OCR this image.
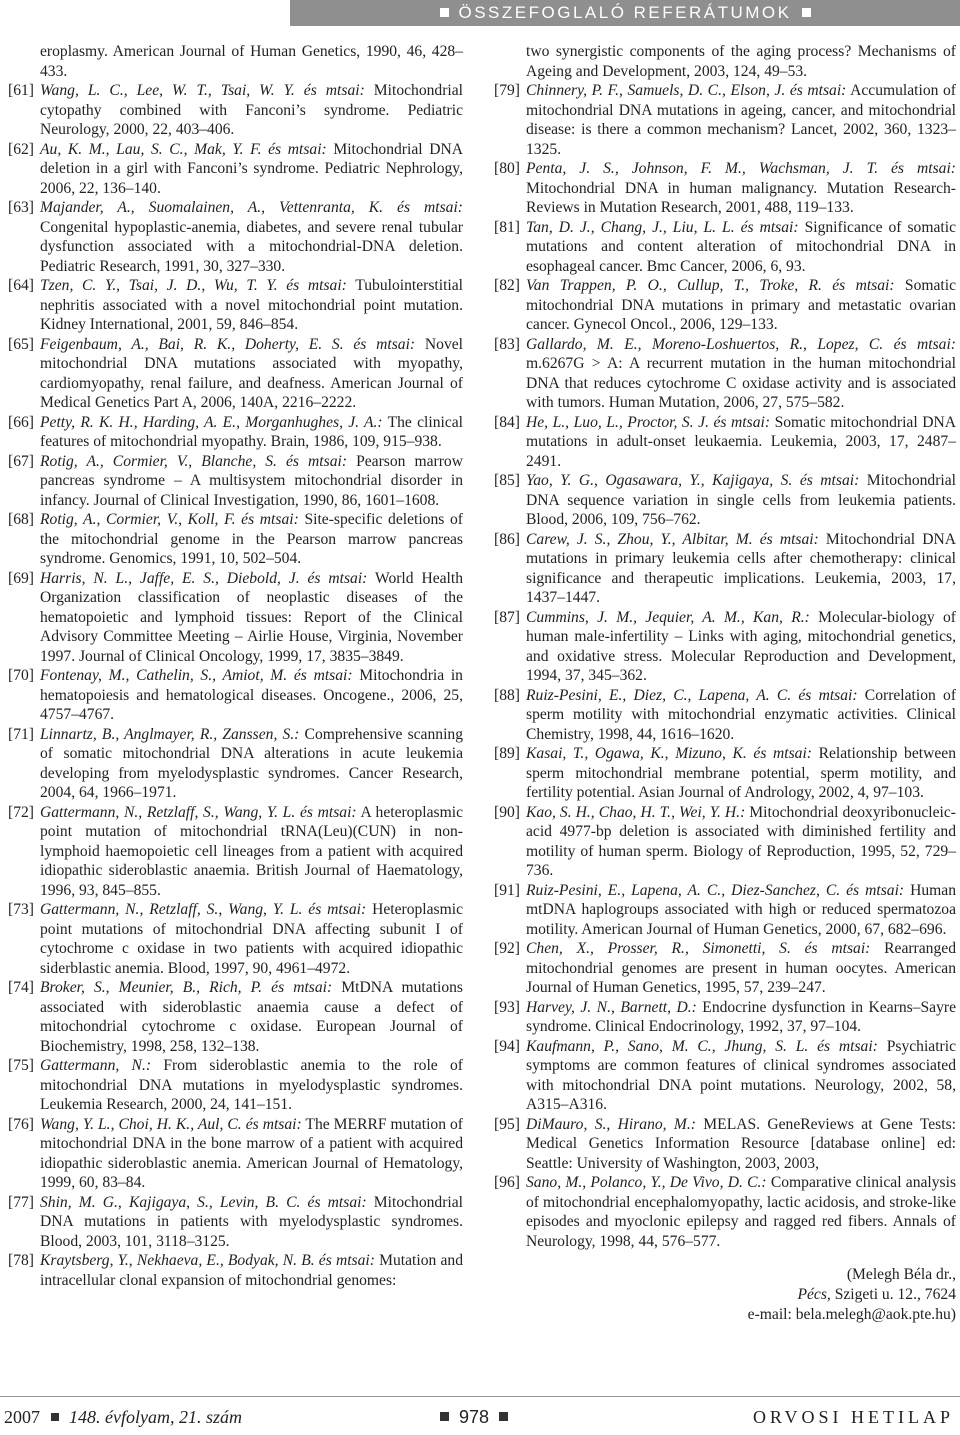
ÖSSZEFOGLALÓ REFERÁTUMOK

eroplasmy. American Journal of Human Genetics, 1990, 46, 428–433.

[61] Wang, L. C., Lee, W. T., Tsai, W. Y. és mtsai: Mitochondrial cytopathy combined with Fanconi’s syndrome. Pediatric Neurology, 2000, 22, 403–406.

[62] Au, K. M., Lau, S. C., Mak, Y. F. és mtsai: Mitochondrial DNA deletion in a girl with Fanconi’s syndrome. Pediatric Nephrology, 2006, 22, 136–140.

[63] Majander, A., Suomalainen, A., Vettenranta, K. és mtsai: Congenital hypoplastic-anemia, diabetes, and severe renal tubular dysfunction associated with a mitochondrial-DNA deletion. Pediatric Research, 1991, 30, 327–330.

[64] Tzen, C. Y., Tsai, J. D., Wu, T. Y. és mtsai: Tubulointerstitial nephritis associated with a novel mitochondrial point mutation. Kidney International, 2001, 59, 846–854.

[65] Feigenbaum, A., Bai, R. K., Doherty, E. S. és mtsai: Novel mitochondrial DNA mutations associated with myopathy, cardiomyopathy, renal failure, and deafness. American Journal of Medical Genetics Part A, 2006, 140A, 2216–2222.

[66] Petty, R. K. H., Harding, A. E., Morganhughes, J. A.: The clinical features of mitochondrial myopathy. Brain, 1986, 109, 915–938.

[67] Rotig, A., Cormier, V., Blanche, S. és mtsai: Pearson marrow pancreas syndrome – A multisystem mitochondrial disorder in infancy. Journal of Clinical Investigation, 1990, 86, 1601–1608.

[68] Rotig, A., Cormier, V., Koll, F. és mtsai: Site-specific deletions of the mitochondrial genome in the Pearson marrow pancreas syndrome. Genomics, 1991, 10, 502–504.

[69] Harris, N. L., Jaffe, E. S., Diebold, J. és mtsai: World Health Organization classification of neoplastic diseases of the hematopoietic and lymphoid tissues: Report of the Clinical Advisory Committee Meeting – Airlie House, Virginia, November 1997. Journal of Clinical Oncology, 1999, 17, 3835–3849.

[70] Fontenay, M., Cathelin, S., Amiot, M. és mtsai: Mitochondria in hematopoiesis and hematological diseases. Oncogene., 2006, 25, 4757–4767.

[71] Linnartz, B., Anglmayer, R., Zanssen, S.: Comprehensive scanning of somatic mitochondrial DNA alterations in acute leukemia developing from myelodysplastic syndromes. Cancer Research, 2004, 64, 1966–1971.

[72] Gattermann, N., Retzlaff, S., Wang, Y. L. és mtsai: A heteroplasmic point mutation of mitochondrial tRNA(Leu)(CUN) in non-lymphoid haemopoietic cell lineages from a patient with acquired idiopathic sideroblastic anaemia. British Journal of Haematology, 1996, 93, 845–855.

[73] Gattermann, N., Retzlaff, S., Wang, Y. L. és mtsai: Heteroplasmic point mutations of mitochondrial DNA affecting subunit I of cytochrome c oxidase in two patients with acquired idiopathic siderblastic anemia. Blood, 1997, 90, 4961–4972.

[74] Broker, S., Meunier, B., Rich, P. és mtsai: MtDNA mutations associated with sideroblastic anaemia cause a defect of mitochondrial cytochrome c oxidase. European Journal of Biochemistry, 1998, 258, 132–138.

[75] Gattermann, N.: From sideroblastic anemia to the role of mitochondrial DNA mutations in myelodysplastic syndromes. Leukemia Research, 2000, 24, 141–151.

[76] Wang, Y. L., Choi, H. K., Aul, C. és mtsai: The MERRF mutation of mitochondrial DNA in the bone marrow of a patient with acquired idiopathic sideroblastic anemia. American Journal of Hematology, 1999, 60, 83–84.

[77] Shin, M. G., Kajigaya, S., Levin, B. C. és mtsai: Mitochondrial DNA mutations in patients with myelodysplastic syndromes. Blood, 2003, 101, 3118–3125.

[78] Kraytsberg, Y., Nekhaeva, E., Bodyak, N. B. és mtsai: Mutation and intracellular clonal expansion of mitochondrial genomes:

two synergistic components of the aging process? Mechanisms of Ageing and Development, 2003, 124, 49–53.

[79] Chinnery, P. F., Samuels, D. C., Elson, J. és mtsai: Accumulation of mitochondrial DNA mutations in ageing, cancer, and mitochondrial disease: is there a common mechanism? Lancet, 2002, 360, 1323–1325.

[80] Penta, J. S., Johnson, F. M., Wachsman, J. T. és mtsai: Mitochondrial DNA in human malignancy. Mutation Research-Reviews in Mutation Research, 2001, 488, 119–133.

[81] Tan, D. J., Chang, J., Liu, L. L. és mtsai: Significance of somatic mutations and content alteration of mitochondrial DNA in esophageal cancer. Bmc Cancer, 2006, 6, 93.

[82] Van Trappen, P. O., Cullup, T., Troke, R. és mtsai: Somatic mitochondrial DNA mutations in primary and metastatic ovarian cancer. Gynecol Oncol., 2006, 129–133.

[83] Gallardo, M. E., Moreno-Loshuertos, R., Lopez, C. és mtsai: m.6267G > A: A recurrent mutation in the human mitochondrial DNA that reduces cytochrome C oxidase activity and is associated with tumors. Human Mutation, 2006, 27, 575–582.

[84] He, L., Luo, L., Proctor, S. J. és mtsai: Somatic mitochondrial DNA mutations in adult-onset leukaemia. Leukemia, 2003, 17, 2487–2491.

[85] Yao, Y. G., Ogasawara, Y., Kajigaya, S. és mtsai: Mitochondrial DNA sequence variation in single cells from leukemia patients. Blood, 2006, 109, 756–762.

[86] Carew, J. S., Zhou, Y., Albitar, M. és mtsai: Mitochondrial DNA mutations in primary leukemia cells after chemotherapy: clinical significance and therapeutic implications. Leukemia, 2003, 17, 1437–1447.

[87] Cummins, J. M., Jequier, A. M., Kan, R.: Molecular-biology of human male-infertility – Links with aging, mitochondrial genetics, and oxidative stress. Molecular Reproduction and Development, 1994, 37, 345–362.

[88] Ruiz-Pesini, E., Diez, C., Lapena, A. C. és mtsai: Correlation of sperm motility with mitochondrial enzymatic activities. Clinical Chemistry, 1998, 44, 1616–1620.

[89] Kasai, T., Ogawa, K., Mizuno, K. és mtsai: Relationship between sperm mitochondrial membrane potential, sperm motility, and fertility potential. Asian Journal of Andrology, 2002, 4, 97–103.

[90] Kao, S. H., Chao, H. T., Wei, Y. H.: Mitochondrial deoxyribonucleic-acid 4977-bp deletion is associated with diminished fertility and motility of human sperm. Biology of Reproduction, 1995, 52, 729–736.

[91] Ruiz-Pesini, E., Lapena, A. C., Diez-Sanchez, C. és mtsai: Human mtDNA haplogroups associated with high or reduced spermatozoa motility. American Journal of Human Genetics, 2000, 67, 682–696.

[92] Chen, X., Prosser, R., Simonetti, S. és mtsai: Rearranged mitochondrial genomes are present in human oocytes. American Journal of Human Genetics, 1995, 57, 239–247.

[93] Harvey, J. N., Barnett, D.: Endocrine dysfunction in Kearns–Sayre syndrome. Clinical Endocrinology, 1992, 37, 97–104.

[94] Kaufmann, P., Sano, M. C., Jhung, S. L. és mtsai: Psychiatric symptoms are common features of clinical syndromes associated with mitochondrial DNA point mutations. Neurology, 2002, 58, A315–A316.

[95] DiMauro, S., Hirano, M.: MELAS. GeneReviews at Gene Tests: Medical Genetics Information Resource [database online] ed: Seattle: University of Washington, 2003, 2003,

[96] Sano, M., Polanco, Y., De Vivo, D. C.: Comparative clinical analysis of mitochondrial encephalomyopathy, lactic acidosis, and stroke-like episodes and myoclonic epilepsy and ragged red fibers. Annals of Neurology, 1998, 44, 576–577.

(Melegh Béla dr.,
Pécs, Szigeti u. 12., 7624
e-mail: bela.melegh@aok.pte.hu)
2007 148. évfolyam, 21. szám	978	ORVOSI HETILAP
